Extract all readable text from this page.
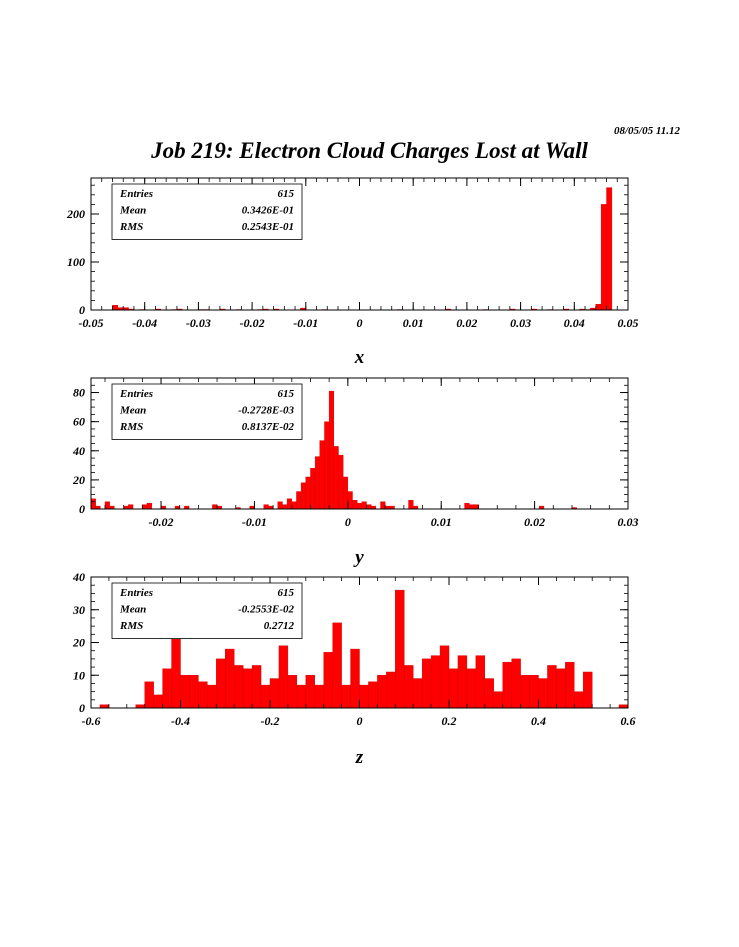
08/05/05 11.12
Job 219: Electron Cloud Charges Lost at Wall
-0.05 -0.04 -0.03 -0.02 -0.01	0	0.01	0.02	0.03	0.04	0.05
0
100
200
x
Entries	615
Mean	0.3426E-01
RMS	0.2543E-01
-0.02	-0.01	0	0.01	0.02	0.03
0
20
40
60
80
y
Entries	615
Mean	-0.2728E-03
RMS	0.8137E-02
-0.6	-0.4	-0.2	0	0.2	0.4	0.6
0
10
20
30
40
z
Entries	615
Mean	-0.2553E-02
RMS	0.2712
